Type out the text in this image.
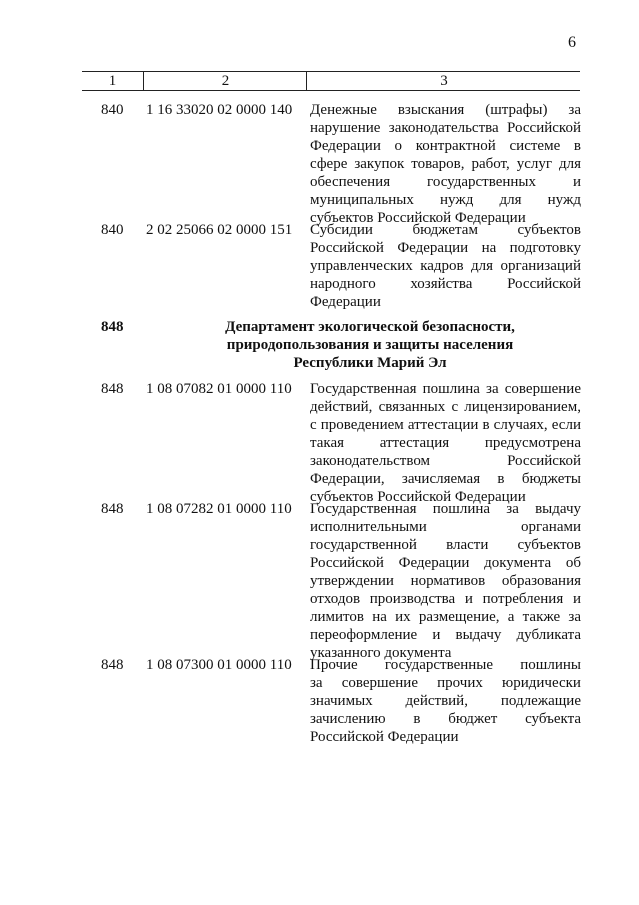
6
1	2	3
840 1 16 33020 02 0000 140 Денежные взыскания (штрафы) за
нарушение законодательства Российской
Федерации о контрактной системе в
сфере закупок товаров, работ, услуг для
обеспечения государственных и
муниципальных нужд для нужд
субъектов Российской Федерации
840 2 02 25066 02 0000 151 Субсидии	бюджетам	субъектов
Российской Федерации на подготовку
управленческих кадров для организаций
народного хозяйства Российской
Федерации
848	Департамент экологической безопасности,
природопользования и защиты населения
Республики Марий Эл
848 1 08 07082 01 0000 110 Государственная пошлина за совершение
действий, связанных с лицензированием,
с проведением аттестации в случаях, если
такая аттестация предусмотрена
законодательством	Российской
Федерации, зачисляемая в бюджеты
субъектов Российской Федерации
848 1 08 07282 01 0000 110 Государственная пошлина за выдачу
исполнительными	органами
государственной власти субъектов
Российской Федерации документа об
утверждении нормативов образования
отходов производства и потребления и
лимитов на их размещение, а также за
переоформление и выдачу дубликата
указанного документа
848 1 08 07300 01 0000 110 Прочие государственные пошлины
за совершение прочих юридически
значимых действий, подлежащие
зачислению в бюджет субъекта
Российской Федерации
